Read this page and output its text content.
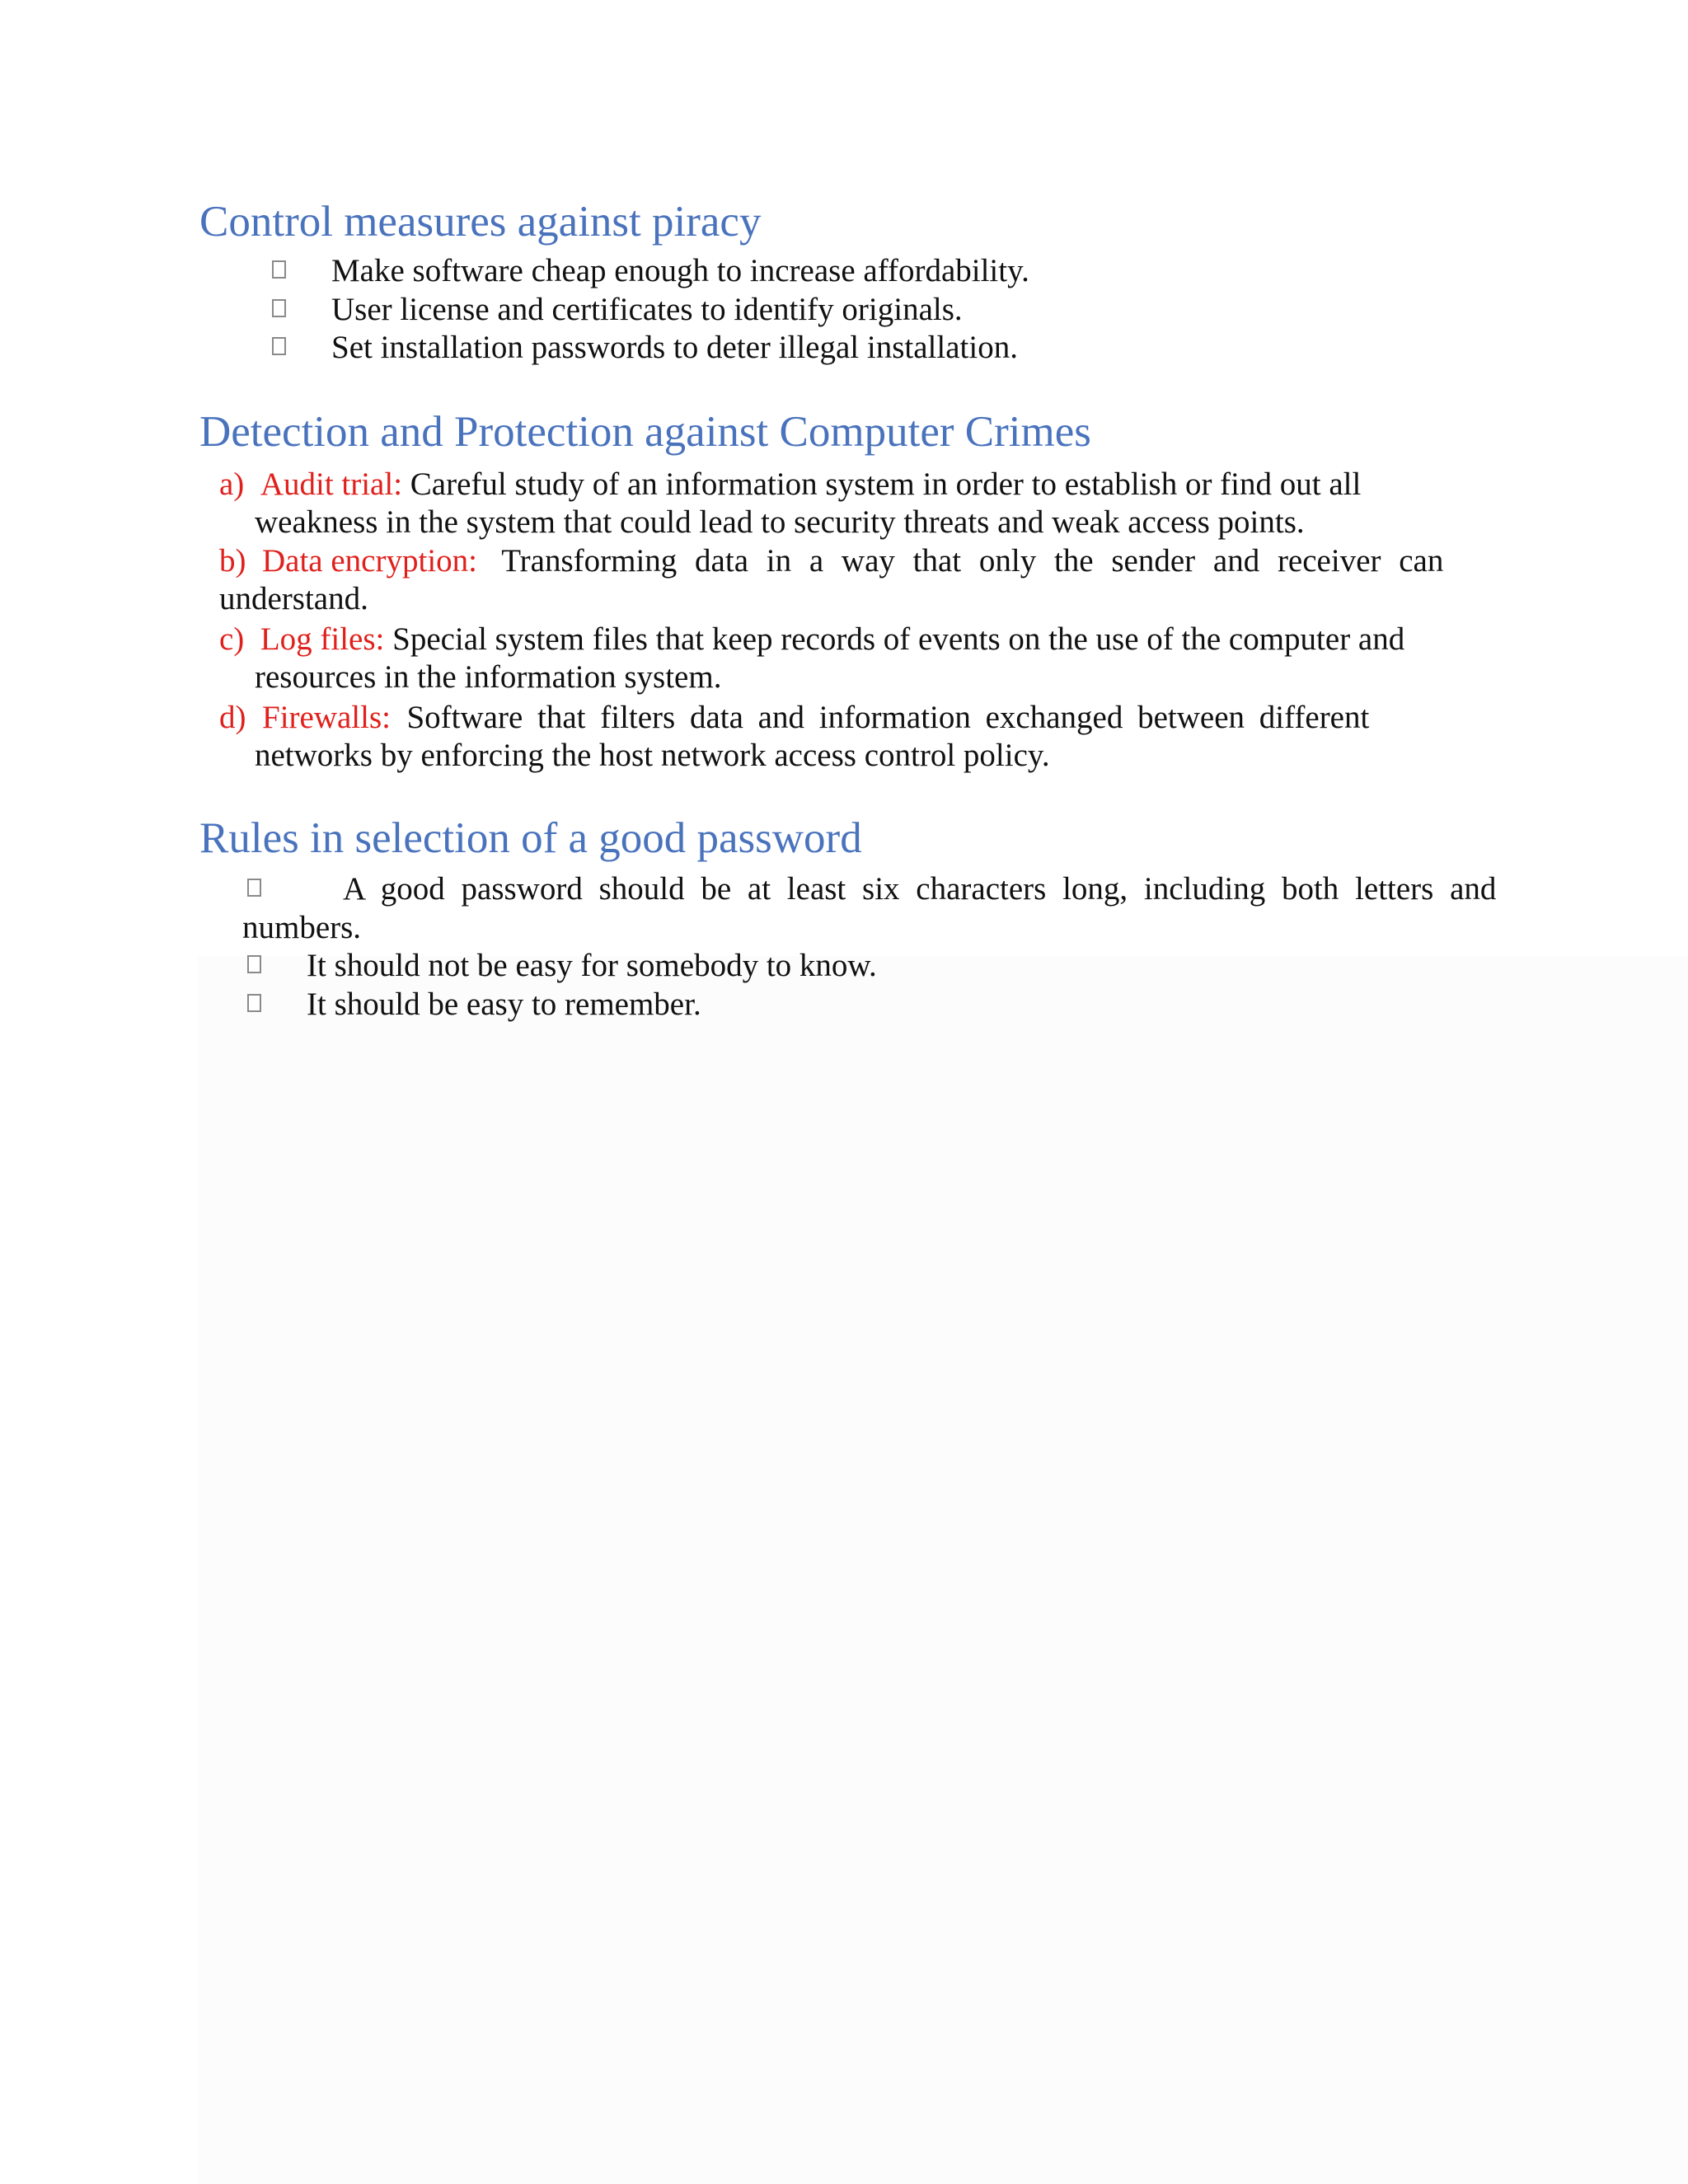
Control measures against piracy
Make software cheap enough to increase affordability.
User license and certificates to identify originals.
Set installation passwords to deter illegal installation.
Detection and Protection against Computer Crimes
a) Audit trial: Careful study of an information system in order to establish or find out all
weakness in the system that could lead to security threats and weak access points.
b) Data encryption: Transforming data in a way that only the sender and receiver can
understand.
c) Log files: Special system files that keep records of events on the use of the computer and
resources in the information system.
d) Firewalls: Software that filters data and information exchanged between different
networks by enforcing the host network access control policy.
Rules in selection of a good password
A good password should be at least six characters long, including both letters and
numbers.
It should not be easy for somebody to know.
It should be easy to remember.
